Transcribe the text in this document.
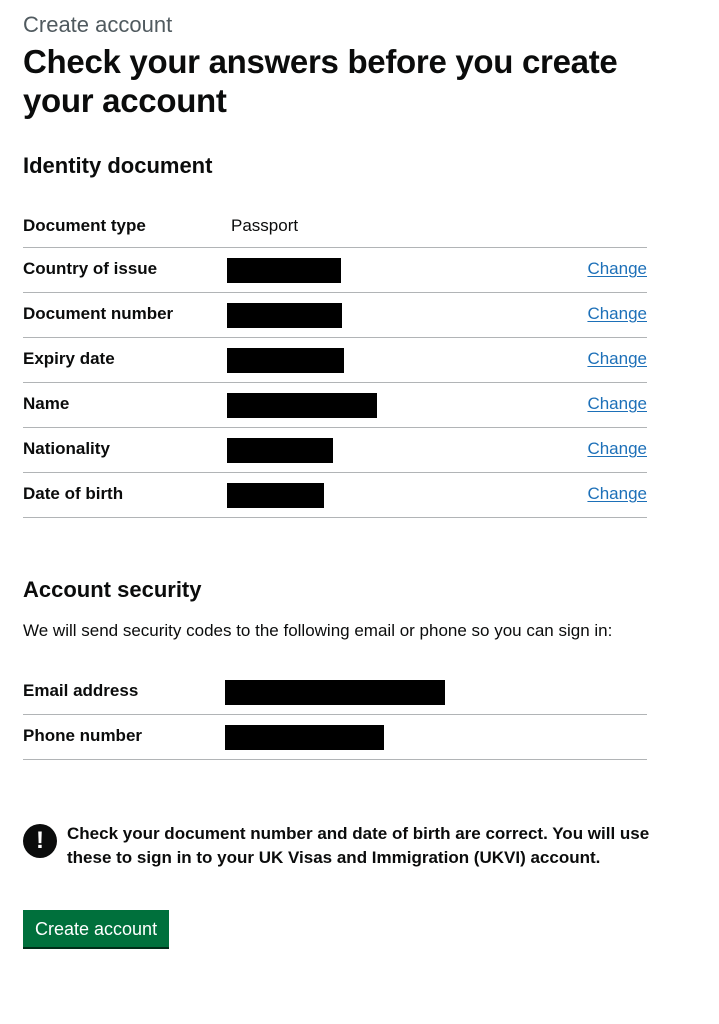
Create account

Check your answers before you create your account
Identity document
Document type	Passport
Country of issue	Change
Document number	Change
Expiry date	Change
Name	Change
Nationality	Change
Date of birth	Change
Account security

We will send security codes to the following email or phone so you can sign in:

Email address
Phone number
!	Check your document number and date of birth are correct. You will use these to sign in to your UK Visas and Immigration (UKVI) account.

Create account
